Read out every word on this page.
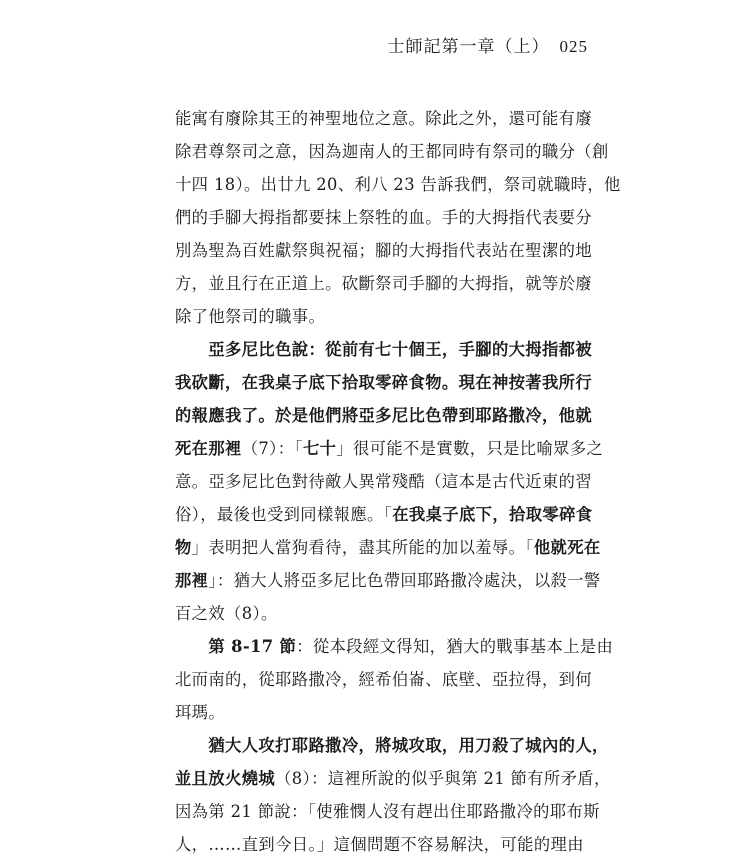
士師記第一章（上） 025
能寓有廢除其王的神聖地位之意。除此之外，還可能有廢
除君尊祭司之意，因為迦南人的王都同時有祭司的職分（創
十四 18）。出廿九 20、利八 23 告訴我們，祭司就職時，他
們的手腳大拇指都要抹上祭牲的血。手的大拇指代表要分
別為聖為百姓獻祭與祝福；腳的大拇指代表站在聖潔的地
方，並且行在正道上。砍斷祭司手腳的大拇指，就等於廢
除了他祭司的職事。
　　亞多尼比色說：從前有七十個王，手腳的大拇指都被
我砍斷，在我桌子底下拾取零碎食物。現在神按著我所行
的報應我了。於是他們將亞多尼比色帶到耶路撒冷，他就
死在那裡（7）：「七十」很可能不是實數，只是比喻眾多之
意。亞多尼比色對待敵人異常殘酷（這本是古代近東的習
俗），最後也受到同樣報應。「在我桌子底下，拾取零碎食
物」表明把人當狗看待，盡其所能的加以羞辱。「他就死在
那裡」：猶大人將亞多尼比色帶回耶路撒冷處決，以殺一警
百之效（8）。
　　第 8-17 節：從本段經文得知，猶大的戰事基本上是由
北而南的，從耶路撒冷，經希伯崙、底壁、亞拉得，到何
珥瑪。
　　猶大人攻打耶路撒冷，將城攻取，用刀殺了城內的人，
並且放火燒城（8）：這裡所說的似乎與第 21 節有所矛盾，
因為第 21 節說：「使雅憫人沒有趕出住耶路撒冷的耶布斯
人，……直到今日。」這個問題不容易解決，可能的理由
